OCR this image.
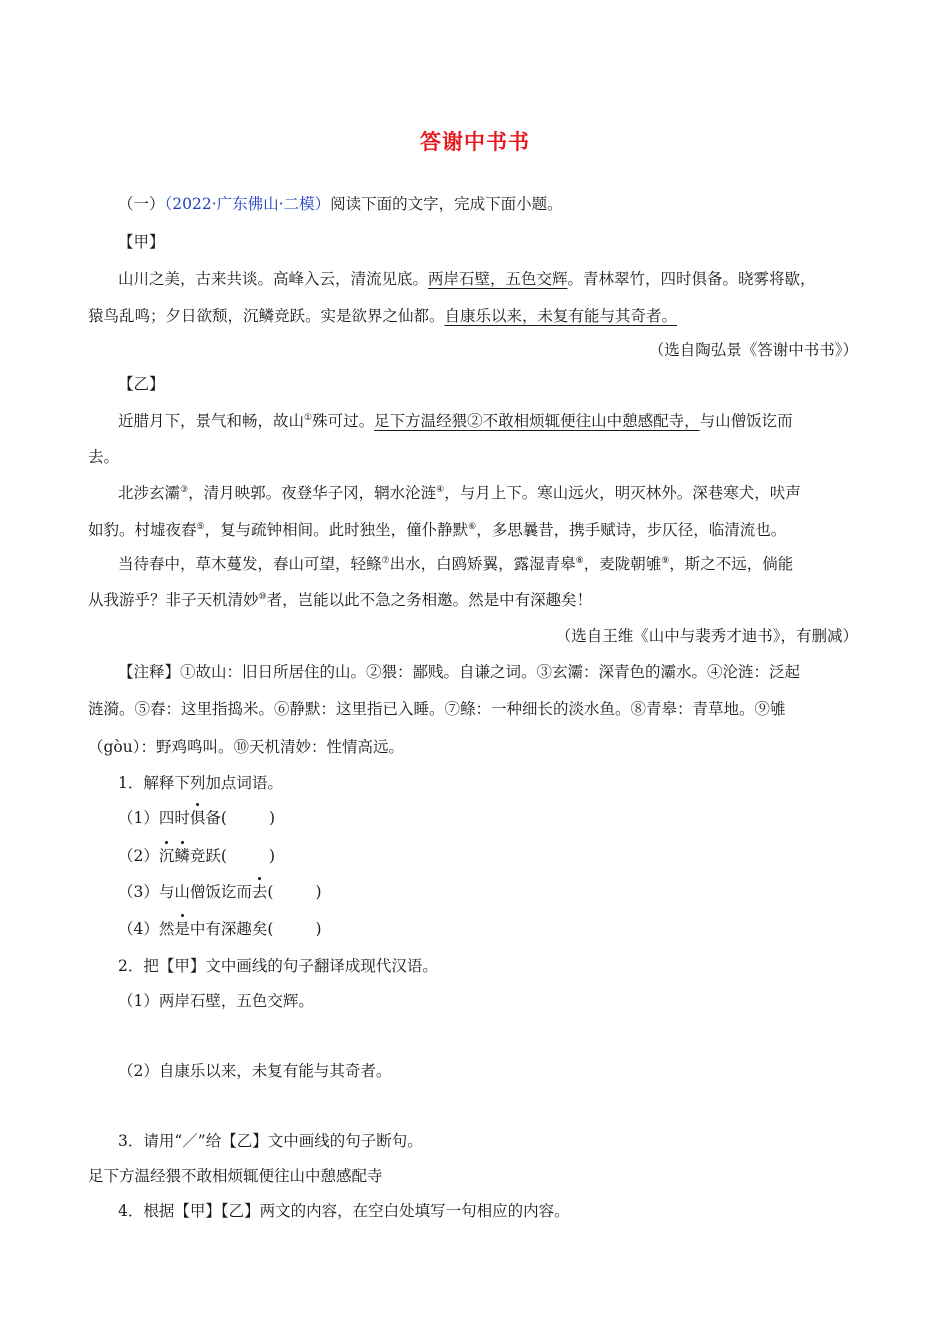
答谢中书书
（一）（2022·广东佛山·二模）阅读下面的文字，完成下面小题。
【甲】
山川之美，古来共谈。高峰入云，清流见底。两岸石壁，五色交辉。青林翠竹，四时俱备。晓雾将歇，
猿鸟乱鸣；夕日欲颓，沉鳞竞跃。实是欲界之仙都。自康乐以来，未复有能与其奇者。
（选自陶弘景《答谢中书书》）
【乙】
近腊月下，景气和畅，故山①殊可过。足下方温经猥②不敢相烦辄便往山中憩感配寺，与山僧饭讫而
去。
北涉玄灞③，清月映郭。夜登华子冈，辋水沦涟④，与月上下。寒山远火，明灭林外。深巷寒犬，吠声
如豹。村墟夜舂⑤，复与疏钟相间。此时独坐，僮仆静默⑥，多思曩昔，携手赋诗，步仄径，临清流也。
当待春中，草木蔓发，春山可望，轻鲦⑦出水，白鸥矫翼，露湿青皋⑧，麦陇朝雊⑨，斯之不远，倘能
从我游乎？非子天机清妙⑩者，岂能以此不急之务相邀。然是中有深趣矣！
（选自王维《山中与裴秀才迪书》，有删减）
【注释】①故山：旧日所居住的山。②猥：鄙贱。自谦之词。③玄灞：深青色的灞水。④沦涟：泛起
涟漪。⑤舂：这里指捣米。⑥静默：这里指已入睡。⑦鲦：一种细长的淡水鱼。⑧青皋：青草地。⑨雊
（gòu）：野鸡鸣叫。⑩天机清妙：性情高远。
1．解释下列加点词语。
（1）四时俱备(	)
（2）沉鳞竞跃(	)
（3）与山僧饭讫而去(	)
（4）然是中有深趣矣(	)
2．把【甲】文中画线的句子翻译成现代汉语。
（1）两岸石壁，五色交辉。
（2）自康乐以来，未复有能与其奇者。
3．请用“／”给【乙】文中画线的句子断句。
足下方温经猥不敢相烦辄便往山中憩感配寺
4．根据【甲】【乙】两文的内容，在空白处填写一句相应的内容。
